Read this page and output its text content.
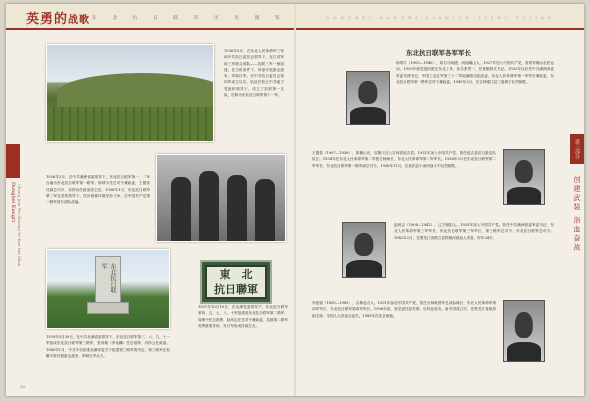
英勇的战歌 东 北 抗 日 联 军 历 史 图 鉴	DONGBEI KANGRI LIANJUN LISHI TUJIAN
Dongbei Kangri Chong Jian Wu Zhuang Yu Kan Yan Zhan
第三部分
创建武装 浴血奋战
东北抗日联军
東　北
抗日聯軍
1936年5月，在东北人民革命军三军和中共抗日委员会领导下，在江省军和三军联合部队——抗联三军一师组建。在当时条件下，该部开展游击战争，牵制日军。后中共抗日委员会第四军成立以后，队伍在松辽中共地下党组织领导下，成立了抗联第一支队，后称为东北抗日联军第十一军。
1936年2月，在中共满洲省委领导下，东北抗日联军第一、二军合编为东北抗日联军第一路军。杨靖宇任总司令兼政委，王德泰任副总司令，宋铁岩任政治部主任。1938年1月，东北抗日联军第二军在党的领导下，经历艰难环境坚持斗争，后中国共产党第一路军部分部队改编。
1937年10月10日，在北满党委领导下，东北抗日联军第四、五、七、八、十军组建成东北抗日联军第二路军，周保中任总指挥，赵尚志任总司令兼政委，抗联第二路军发挥重要作用，对日军形成持续打击。
1939年5月30日，在中共北满省委领导下，东北抗日联军第三、六、九、十一军组成东北抗日联军第三路军，张寿篯（李兆麟）任总指挥，冯仲云任政委。1940年1月，中共中央批准北满省委关于组建第三路军的决定，第三路军在松嫩平原开展游击战争，牵制日军兵力。
50
东北抗日联军各军军长
杨靖宇（1905—1940），原名马尚德，河南确山人。1927年加入中国共产党，曾领导确山农民运动。1929年被党组织派往东北工作，化名张贯一，任抚顺特支书记。1932年以后任中共满洲省委军委代理书记、中国工农红军第三十二军南满游击队政委、东北人民革命军第一军军长兼政委、东北抗日联军第一路军总司令兼政委。1940年2月，在吉林濛江县三道崴子壮烈牺牲。
王德泰（1907—1936），原籍山东，后随父迁入吉林省延吉县。1931年加入中国共产党，曾任延吉县抗日游击队队长。1934年任东北人民革命军第二军独立师师长，东北人民革命军第二军军长。1936年3月任东北抗日联军第二军军长、东北抗日联军第一路军副总司令。1936年11月，在抚松县小汤河战斗中壮烈牺牲。
赵尚志（1908—1942），辽宁朝阳人。1925年加入中国共产党。曾任中共满洲省委军委书记、东北人民革命军第三军军长、东北抗日联军第三军军长、第三路军总司令、东北抗日联军总司令。1942年2月，在黑龙江省鹤立县梧桐河被敌人杀害，时年34岁。
李延禄（1895—1985），吉林延吉人。1931年参加中国共产党，曾任吉林救国军总部参谋长、东北人民革命军第四军军长、东北抗日联军第四军军长。1936年底，受党委托赴苏联、后转赴延安。新中国成立后，任黑龙江省政府副主席、全国人大常委会委员。1985年在北京病逝。
